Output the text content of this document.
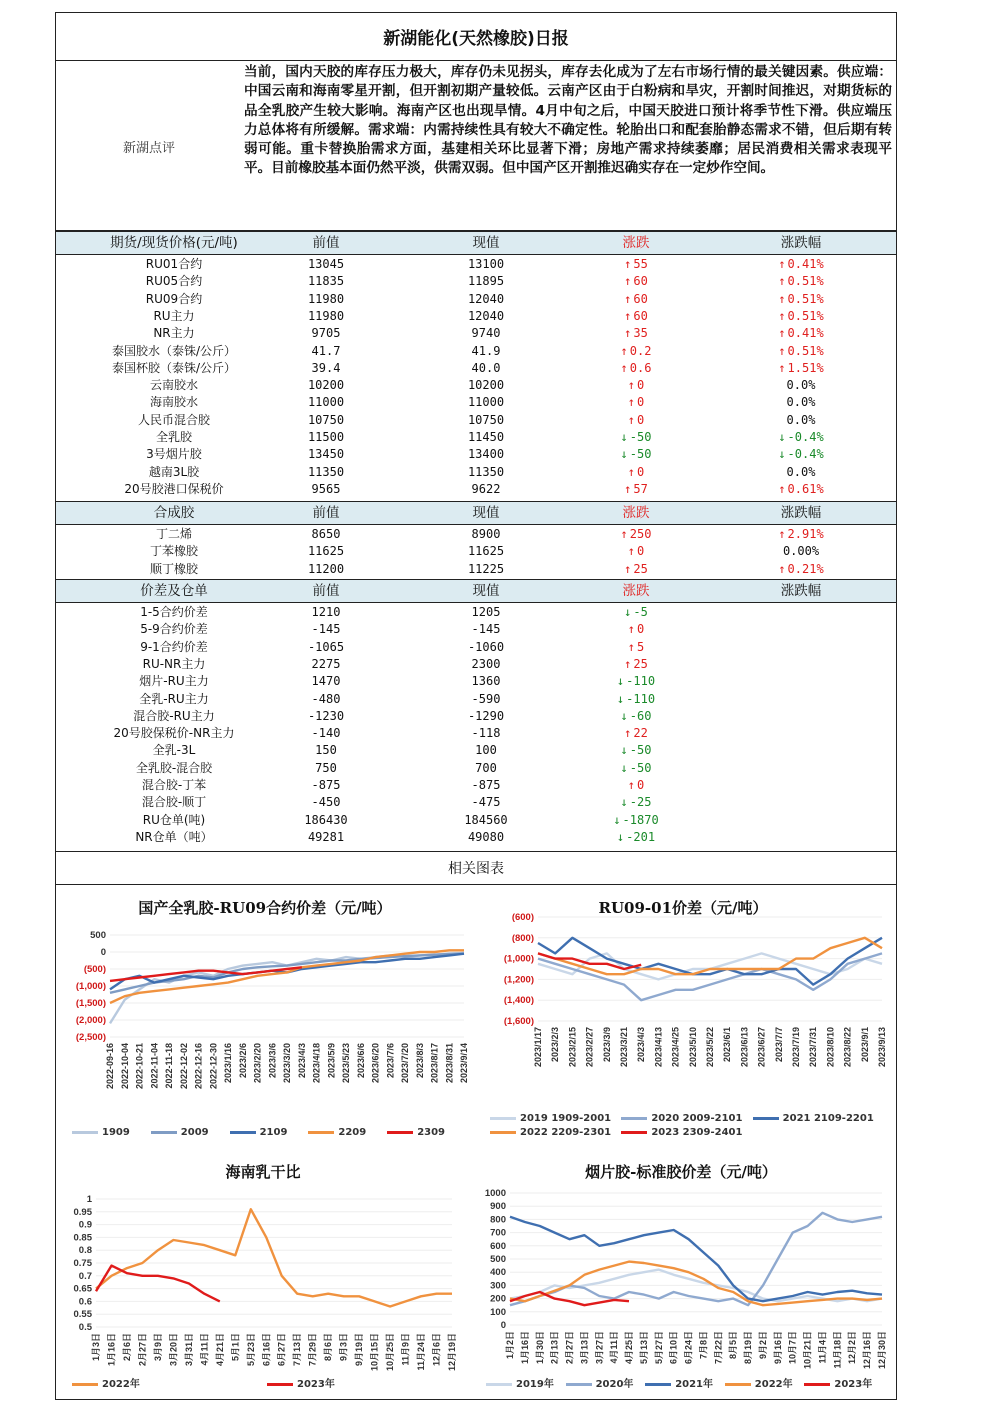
新湖能化(天然橡胶)日报
新湖点评
当前，国内天胶的库存压力极大，库存仍未见拐头，库存去化成为了左右市场行情的最关键因素。供应端：中国云南和海南零星开割，但开割初期产量较低。云南产区由于白粉病和旱灾，开割时间推迟，对期货标的品全乳胶产生较大影响。海南产区也出现旱情。4月中旬之后，中国天胶进口预计将季节性下滑。供应端压力总体将有所缓解。需求端：内需持续性具有较大不确定性。轮胎出口和配套胎静态需求不错，但后期有转弱可能。重卡替换胎需求方面，基建相关环比显著下滑；房地产需求持续萎靡；居民消费相关需求表现平平。目前橡胶基本面仍然平淡，供需双弱。但中国产区开割推迟确实存在一定炒作空间。
期货/现货价格(元/吨)	前值	现值	涨跌	涨跌幅
RU01合约	13045	13100	↑ 55	↑ 0.41%
RU05合约	11835	11895	↑ 60	↑ 0.51%
RU09合约	11980	12040	↑ 60	↑ 0.51%
RU主力	11980	12040	↑ 60	↑ 0.51%
NR主力	9705	9740	↑ 35	↑ 0.41%
泰国胶水（泰铢/公斤）	41.7	41.9	↑ 0.2	↑ 0.51%
泰国杯胶（泰铢/公斤）	39.4	40.0	↑ 0.6	↑ 1.51%
云南胶水	10200	10200	↑ 0	0.0%
海南胶水	11000	11000	↑ 0	0.0%
人民币混合胶	10750	10750	↑ 0	0.0%
全乳胶	11500	11450	↓ -50	↓ -0.4%
3号烟片胶	13450	13400	↓ -50	↓ -0.4%
越南3L胶	11350	11350	↑ 0	0.0%
20号胶港口保税价	9565	9622	↑ 57	↑ 0.61%
合成胶	前值	现值	涨跌	涨跌幅
丁二烯	8650	8900	↑ 250	↑ 2.91%
丁苯橡胶	11625	11625	↑ 0	0.00%
顺丁橡胶	11200	11225	↑ 25	↑ 0.21%
价差及仓单	前值	现值	涨跌	涨跌幅
1-5合约价差	1210	1205	↓ -5
5-9合约价差	-145	-145	↑ 0
9-1合约价差	-1065	-1060	↑ 5
RU-NR主力	2275	2300	↑ 25
烟片-RU主力	1470	1360	↓ -110
全乳-RU主力	-480	-590	↓ -110
混合胶-RU主力	-1230	-1290	↓ -60
20号胶保税价-NR主力	-140	-118	↑ 22
全乳-3L	150	100	↓ -50
全乳胶-混合胶	750	700	↓ -50
混合胶-丁苯	-875	-875	↑ 0
混合胶-顺丁	-450	-475	↓ -25
RU仓单(吨)	186430	184560	↓ -1870
NR仓单（吨）	49281	49080	↓ -201
相关图表
国产全乳胶-RU09合约价差（元/吨）
500
0
(500)
(1,000)
(1,500)
(2,000)
(2,500)
2022-09-16 2022-10-04 2022-10-21 2022-11-04 2022-11-18 2022-12-02 2022-12-16 2022-12-30 2023/1/16 2023/2/6 2023/2/20 2023/3/6 2023/3/20 2023/4/3 2023/4/18 2023/5/9 2023/5/23 2023/6/6 2023/6/20 2023/7/6 2023/7/20 2023/8/3 2023/8/17 2023/8/31 2023/9/14
1909	2009	2109	2209	2309
RU09-01价差（元/吨）
(600)
(800)
(1,000)
(1,200)
(1,400)
(1,600)
2023/1/17 2023/2/3 2023/2/15 2023/2/27 2023/3/9 2023/3/21 2023/4/3 2023/4/13 2023/4/25 2023/5/10 2023/5/22 2023/6/1 2023/6/13 2023/6/27 2023/7/7 2023/7/19 2023/7/31 2023/8/10 2023/8/22 2023/9/1 2023/9/13
2019 1909-2001	2020 2009-2101	2021 2109-2201
2022 2209-2301	2023 2309-2401
海南乳干比
1
0.95
0.9
0.85
0.8
0.75
0.7
0.65
0.6
0.55
0.5
1月3日 1月16日 2月6日 2月27日 3月9日 3月20日 3月31日 4月11日 4月21日 5月1日 5月23日 6月16日 6月27日 7月13日 7月29日 8月6日 9月3日 9月19日 10月15日 10月25日 11月9日 11月24日 12月6日 12月19日
2022年	2023年
烟片胶-标准胶价差（元/吨）
1000
900
800
700
600
500
400
300
200
100
0
1月2日 1月16日 1月30日 2月13日 2月27日 3月13日 3月27日 4月11日 4月25日 5月13日 5月27日 6月10日 6月24日 7月8日 7月22日 8月5日 8月19日 9月2日 9月16日 10月7日 10月21日 11月4日 11月18日 12月2日 12月16日 12月30日
2019年	2020年	2021年	2022年	2023年
